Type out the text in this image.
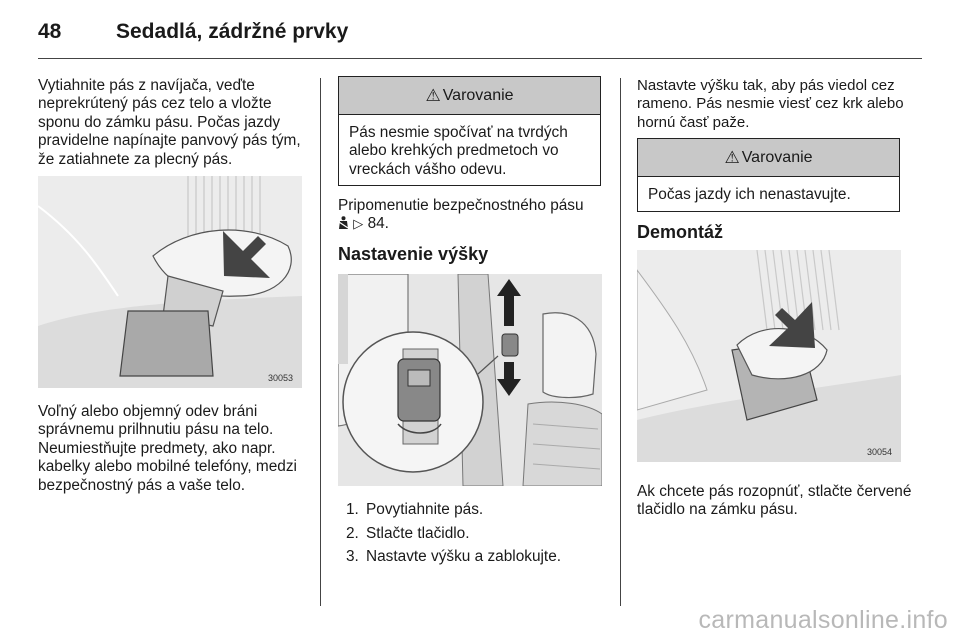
48	Sedadlá, zádržné prvky
Vytiahnite pás z navíjača, veďte neprekrútený pás cez telo a vložte sponu do zámku pásu. Počas jazdy pravidelne napínajte panvový pás tým, že zatiahnete za plecný pás.
30053
Voľný alebo objemný odev bráni správnemu prilhnutiu pásu na telo. Neumiestňujte predmety, ako napr. kabelky alebo mobilné telefóny, medzi bezpečnostný pás a vaše telo.
⚠ Varovanie
Pás nesmie spočívať na tvrdých alebo krehkých predmetoch vo vreckách vášho odevu.
Pripomenutie bezpečnostného pásu
▷ 84.
Nastavenie výšky
1. Povytiahnite pás.
2. Stlačte tlačidlo.
3. Nastavte výšku a zablokujte.
Nastavte výšku tak, aby pás viedol cez rameno. Pás nesmie viesť cez krk alebo hornú časť paže.
⚠ Varovanie
Počas jazdy ich nenastavujte.
Demontáž
30054
Ak chcete pás rozopnúť, stlačte červené tlačidlo na zámku pásu.
carmanualsonline.info
